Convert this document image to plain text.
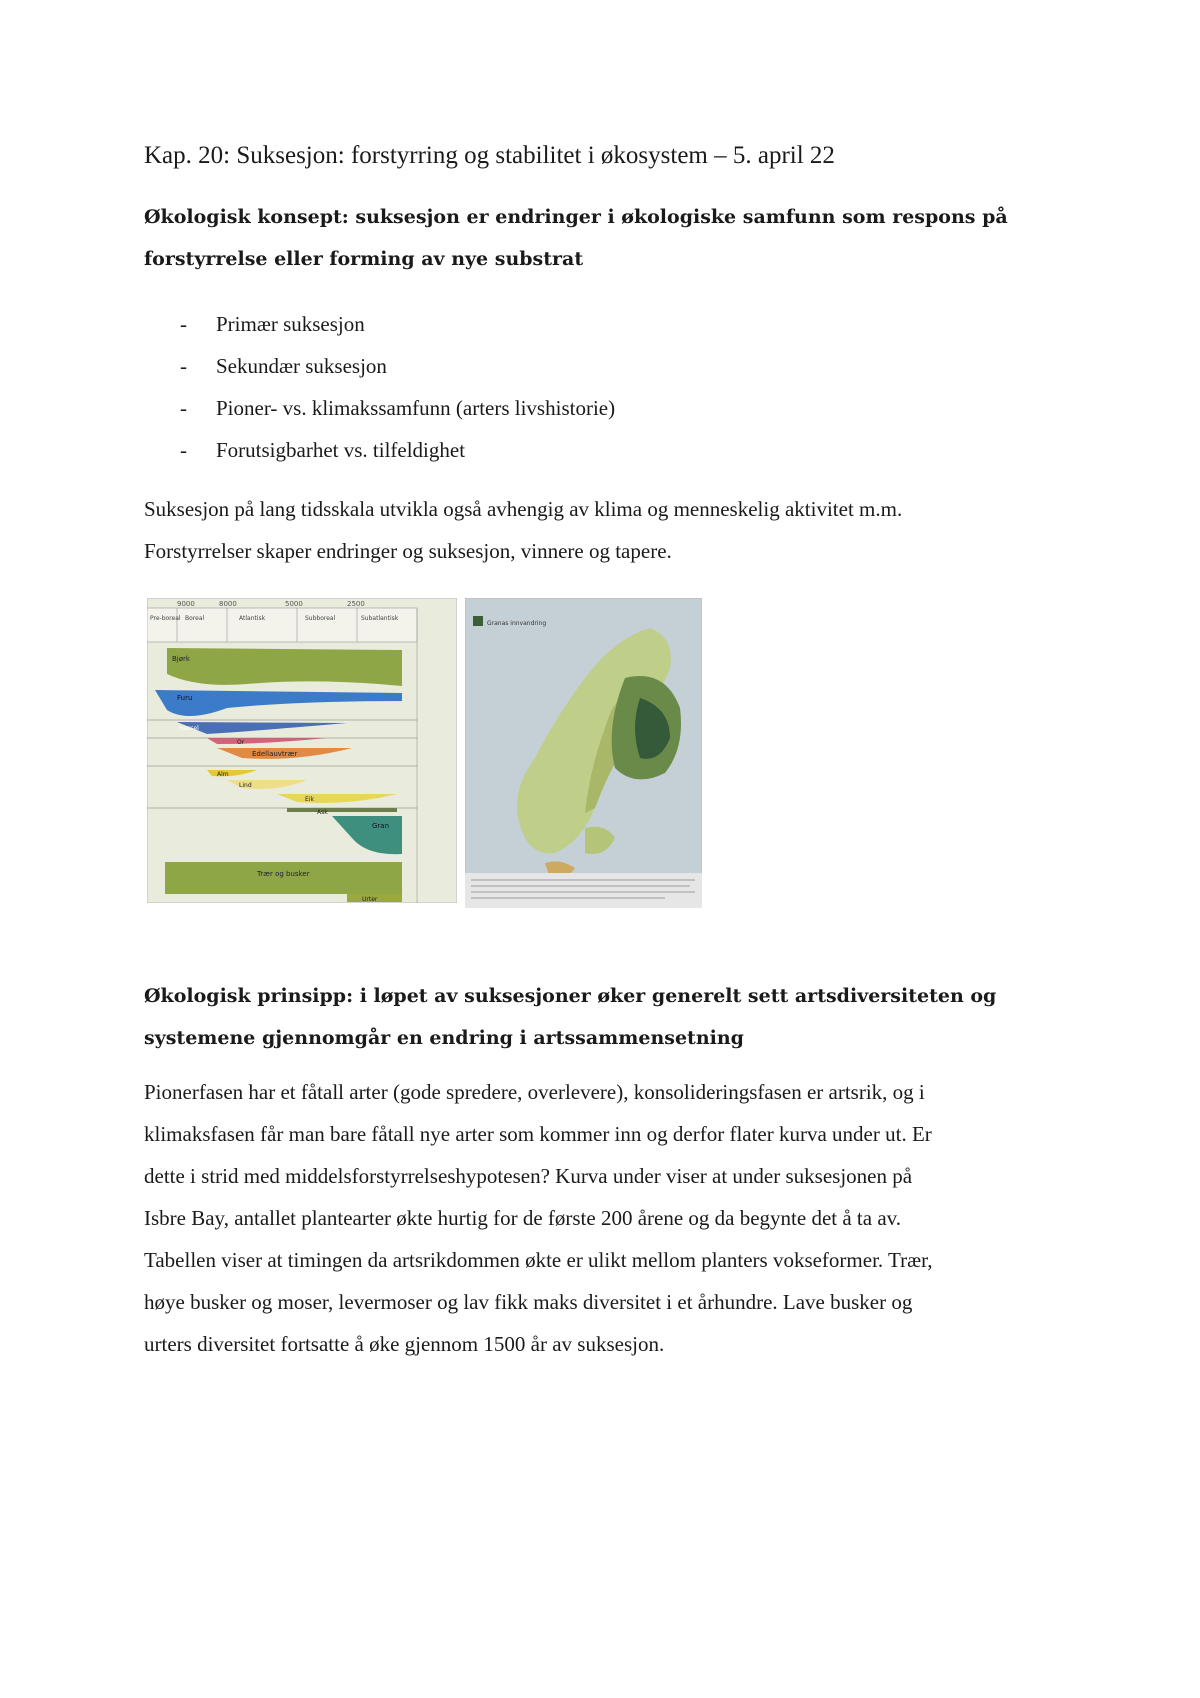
Kap. 20: Suksesjon: forstyrring og stabilitet i økosystem – 5. april 22
Økologisk konsept: suksesjon er endringer i økologiske samfunn som respons på
forstyrrelse eller forming av nye substrat
-	Primær suksesjon
-	Sekundær suksesjon
-	Pioner- vs. klimakssamfunn (arters livshistorie)
-	Forutsigbarhet vs. tilfeldighet
Suksesjon på lang tidsskala utvikla også avhengig av klima og menneskelig aktivitet m.m.
Forstyrrelser skaper endringer og suksesjon, vinnere og tapere.
9000	8000	5000	2500
Pre-boreal Boreal	Atlantisk	Subboreal	Subatlantisk
Bjørk
Furu
Hassel
Or
Edellauvtrær
Alm
Lind
Eik
Ask
Gran
Trær og busker
Urter
Granas innvandring
Økologisk prinsipp: i løpet av suksesjoner øker generelt sett artsdiversiteten og
systemene gjennomgår en endring i artssammensetning
Pionerfasen har et fåtall arter (gode spredere, overlevere), konsolideringsfasen er artsrik, og i
klimaksfasen får man bare fåtall nye arter som kommer inn og derfor flater kurva under ut. Er
dette i strid med middelsforstyrrelseshypotesen? Kurva under viser at under suksesjonen på
Isbre Bay, antallet plantearter økte hurtig for de første 200 årene og da begynte det å ta av.
Tabellen viser at timingen da artsrikdommen økte er ulikt mellom planters vokseformer. Trær,
høye busker og moser, levermoser og lav fikk maks diversitet i et århundre. Lave busker og
urters diversitet fortsatte å øke gjennom 1500 år av suksesjon.
